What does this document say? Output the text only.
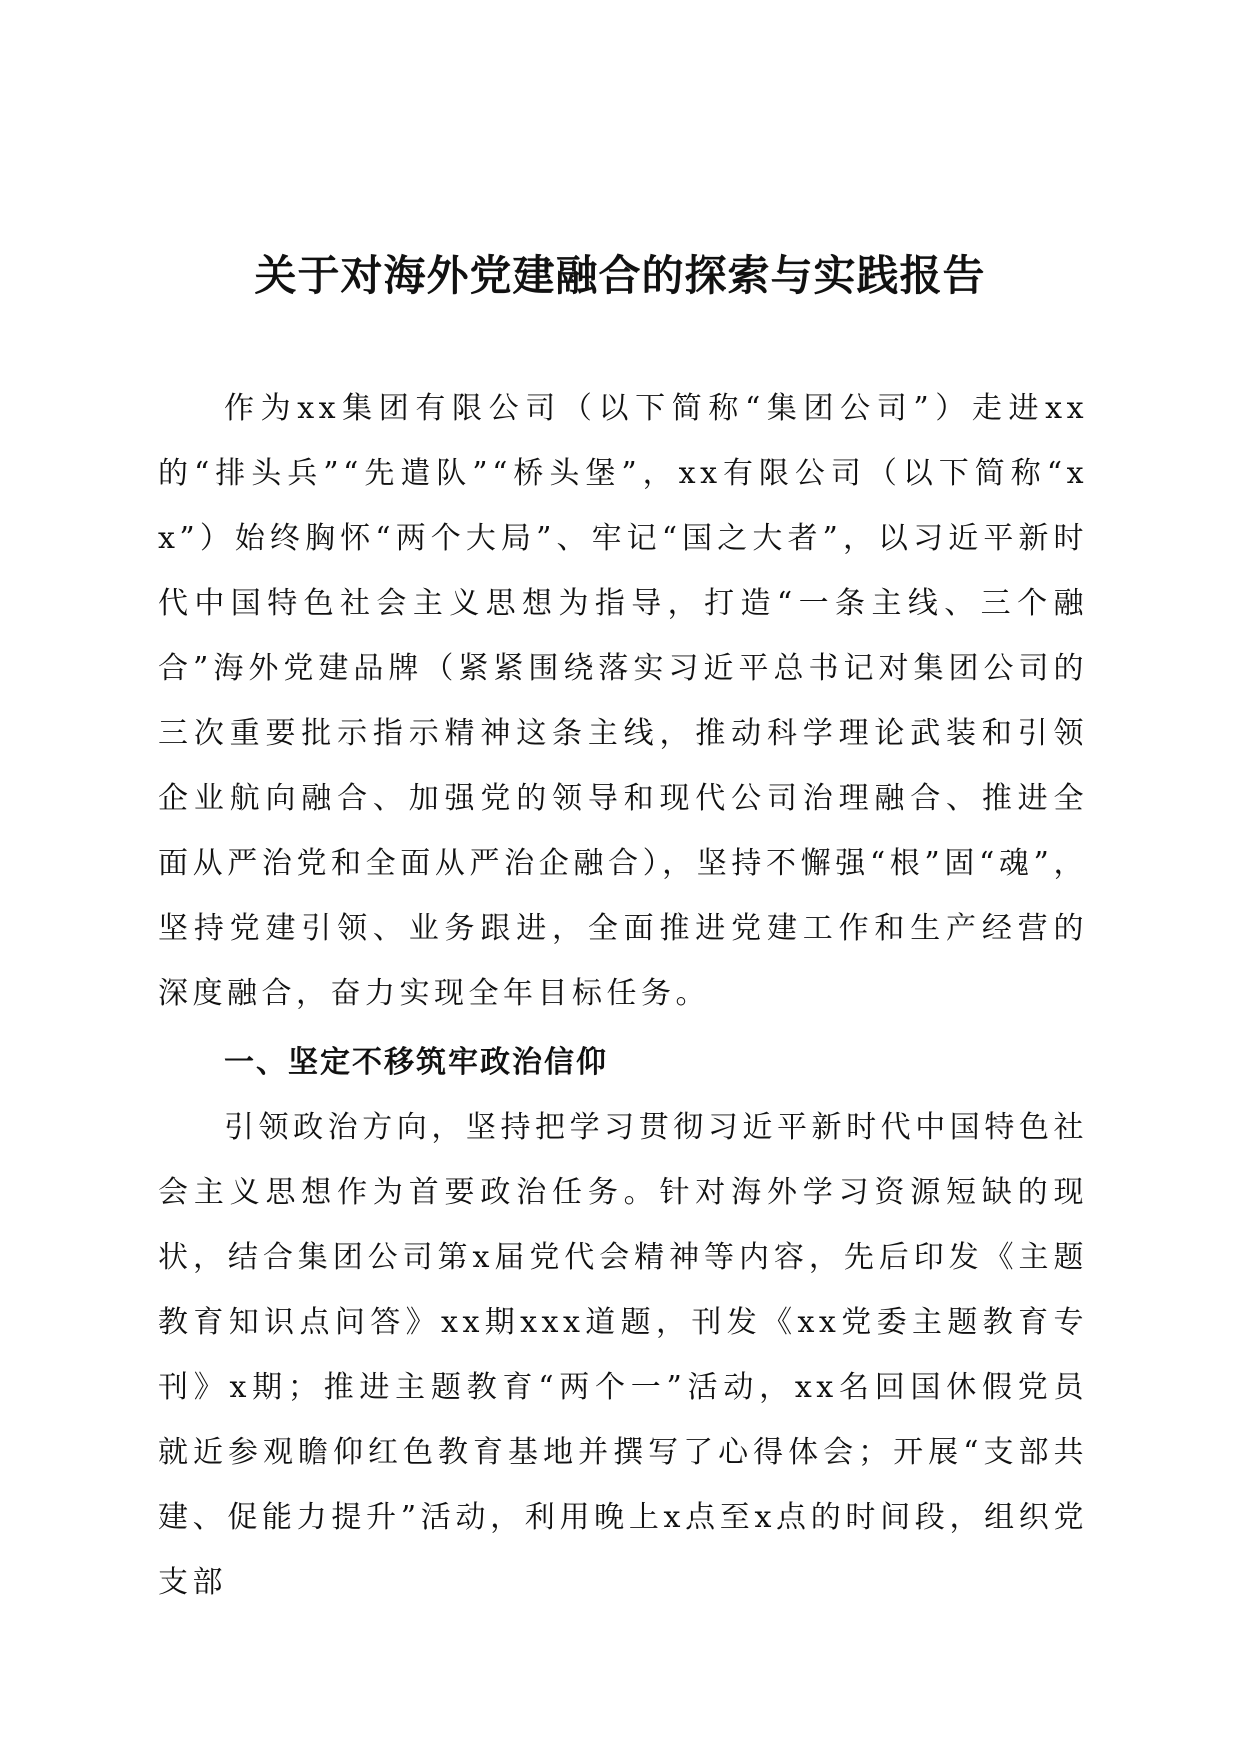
关于对海外党建融合的探索与实践报告

作为xx集团有限公司（以下简称“集团公司”）走进xx的“排头兵”“先遣队”“桥头堡”，xx有限公司（以下简称“xx”）始终胸怀“两个大局”、牢记“国之大者”，以习近平新时代中国特色社会主义思想为指导，打造“一条主线、三个融合”海外党建品牌（紧紧围绕落实习近平总书记对集团公司的三次重要批示指示精神这条主线，推动科学理论武装和引领企业航向融合、加强党的领导和现代公司治理融合、推进全面从严治党和全面从严治企融合），坚持不懈强“根”固“魂”，坚持党建引领、业务跟进，全面推进党建工作和生产经营的深度融合，奋力实现全年目标任务。

一、坚定不移筑牢政治信仰

引领政治方向，坚持把学习贯彻习近平新时代中国特色社会主义思想作为首要政治任务。针对海外学习资源短缺的现状，结合集团公司第x届党代会精神等内容，先后印发《主题教育知识点问答》xx期xxx道题，刊发《xx党委主题教育专刊》x期；推进主题教育“两个一”活动，xx名回国休假党员就近参观瞻仰红色教育基地并撰写了心得体会；开展“支部共建、促能力提升”活动，利用晚上x点至x点的时间段，组织党支部
